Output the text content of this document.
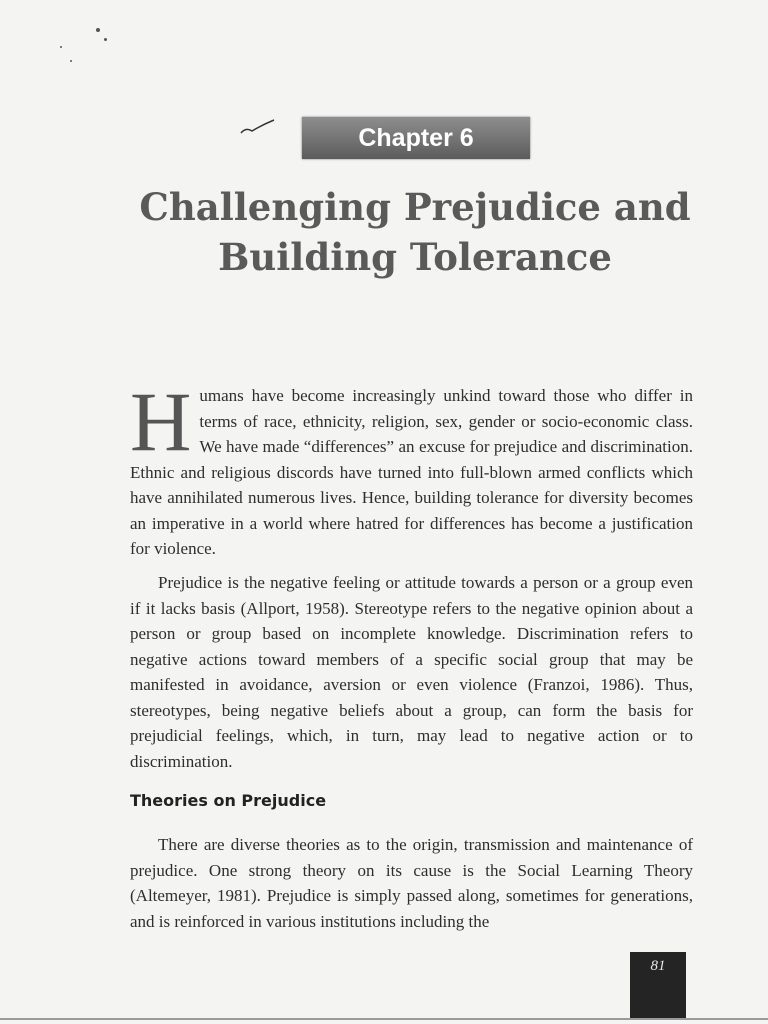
Chapter 6
Challenging Prejudice and Building Tolerance
Humans have become increasingly unkind toward those who differ in terms of race, ethnicity, religion, sex, gender or socio-economic class. We have made “differences” an excuse for prejudice and discrimination. Ethnic and religious discords have turned into full-blown armed conflicts which have annihilated numerous lives. Hence, building tolerance for diversity becomes an imperative in a world where hatred for differences has become a justification for violence.
Prejudice is the negative feeling or attitude towards a person or a group even if it lacks basis (Allport, 1958). Stereotype refers to the negative opinion about a person or group based on incomplete knowledge. Discrimination refers to negative actions toward members of a specific social group that may be manifested in avoidance, aversion or even violence (Franzoi, 1986). Thus, stereotypes, being negative beliefs about a group, can form the basis for prejudicial feelings, which, in turn, may lead to negative action or to discrimination.
Theories on Prejudice
There are diverse theories as to the origin, transmission and maintenance of prejudice. One strong theory on its cause is the Social Learning Theory (Altemeyer, 1981). Prejudice is simply passed along, sometimes for generations, and is reinforced in various institutions including the
81
